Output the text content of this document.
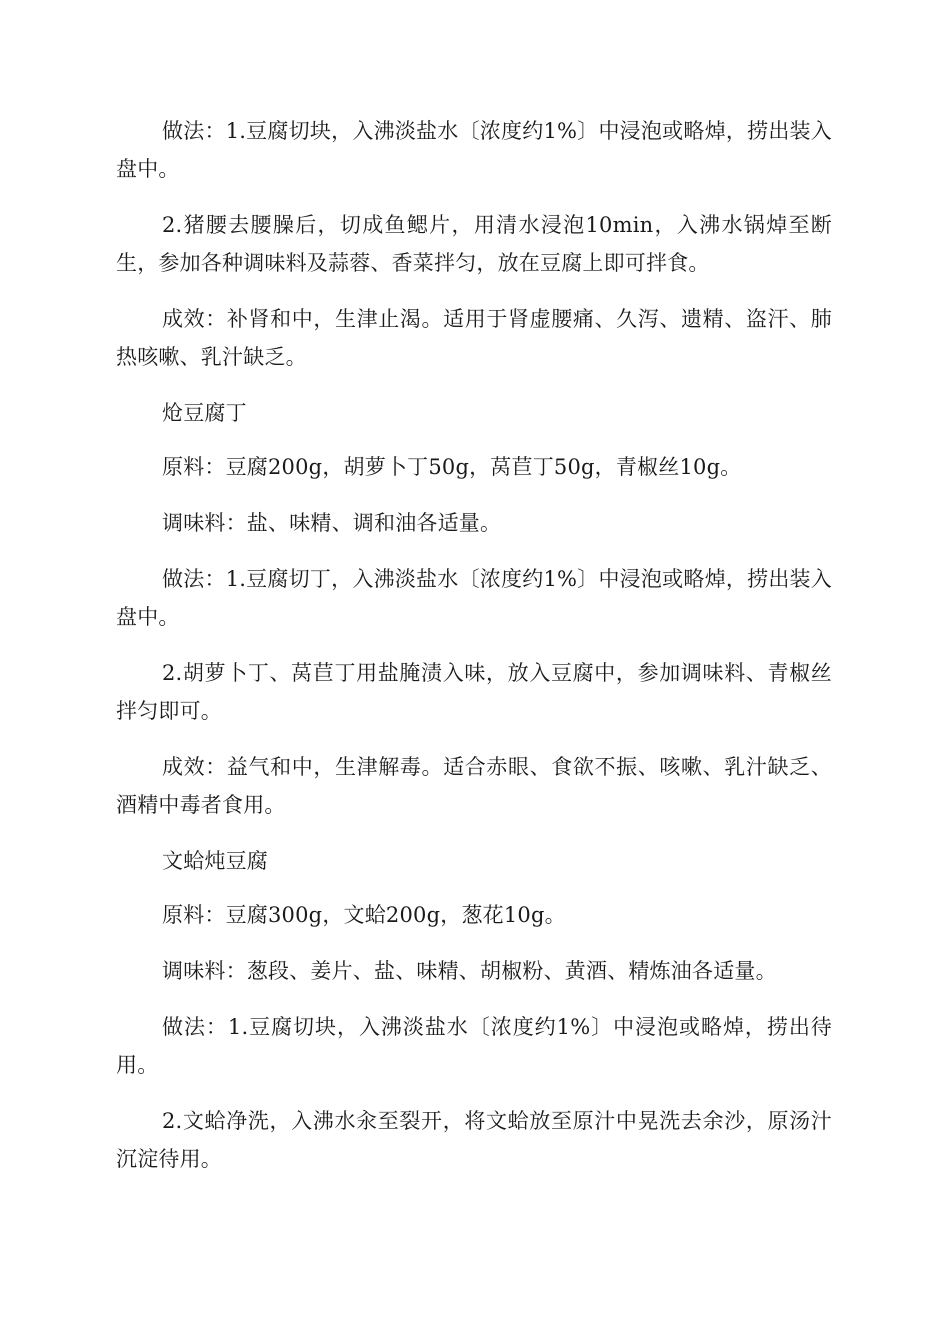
做法：1.豆腐切块，入沸淡盐水〔浓度约1%〕中浸泡或略焯，捞出装入盘中。

2.猪腰去腰臊后，切成鱼鳃片，用清水浸泡10min，入沸水锅焯至断生，参加各种调味料及蒜蓉、香菜拌匀，放在豆腐上即可拌食。

成效：补肾和中，生津止渴。适用于肾虚腰痛、久泻、遗精、盗汗、肺热咳嗽、乳汁缺乏。

炝豆腐丁

原料：豆腐200g，胡萝卜丁50g，莴苣丁50g，青椒丝10g。

调味料：盐、味精、调和油各适量。

做法：1.豆腐切丁，入沸淡盐水〔浓度约1%〕中浸泡或略焯，捞出装入盘中。

2.胡萝卜丁、莴苣丁用盐腌渍入味，放入豆腐中，参加调味料、青椒丝拌匀即可。

成效：益气和中，生津解毒。适合赤眼、食欲不振、咳嗽、乳汁缺乏、酒精中毒者食用。

文蛤炖豆腐

原料：豆腐300g，文蛤200g，葱花10g。

调味料：葱段、姜片、盐、味精、胡椒粉、黄酒、精炼油各适量。

做法：1.豆腐切块，入沸淡盐水〔浓度约1%〕中浸泡或略焯，捞出待用。

2.文蛤净洗，入沸水汆至裂开，将文蛤放至原汁中晃洗去余沙，原汤汁沉淀待用。
